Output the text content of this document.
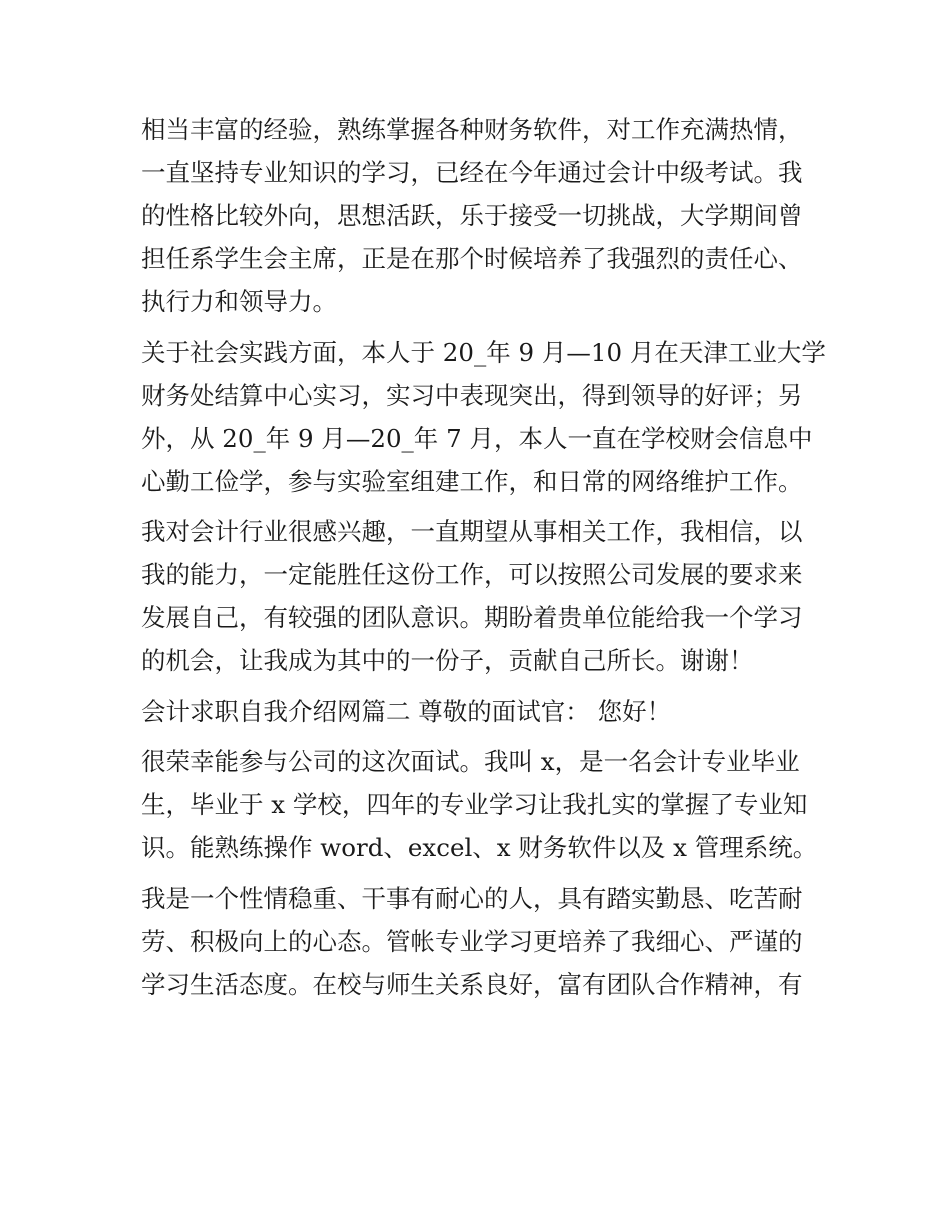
相当丰富的经验，熟练掌握各种财务软件，对工作充满热情，
一直坚持专业知识的学习，已经在今年通过会计中级考试。我
的性格比较外向，思想活跃，乐于接受一切挑战，大学期间曾
担任系学生会主席，正是在那个时候培养了我强烈的责任心、
执行力和领导力。
关于社会实践方面，本人于 20_年 9 月—10 月在天津工业大学
财务处结算中心实习，实习中表现突出，得到领导的好评；另
外，从 20_年 9 月—20_年 7 月，本人一直在学校财会信息中
心勤工俭学，参与实验室组建工作，和日常的网络维护工作。
我对会计行业很感兴趣，一直期望从事相关工作，我相信，以
我的能力，一定能胜任这份工作，可以按照公司发展的要求来
发展自己，有较强的团队意识。期盼着贵单位能给我一个学习
的机会，让我成为其中的一份子，贡献自己所长。谢谢！
会计求职自我介绍网篇二 尊敬的面试官： 您好！
很荣幸能参与公司的这次面试。我叫 x，是一名会计专业毕业
生，毕业于 x 学校，四年的专业学习让我扎实的掌握了专业知
识。能熟练操作 word、excel、x 财务软件以及 x 管理系统。
我是一个性情稳重、干事有耐心的人，具有踏实勤恳、吃苦耐
劳、积极向上的心态。管帐专业学习更培养了我细心、严谨的
学习生活态度。在校与师生关系良好，富有团队合作精神，有
